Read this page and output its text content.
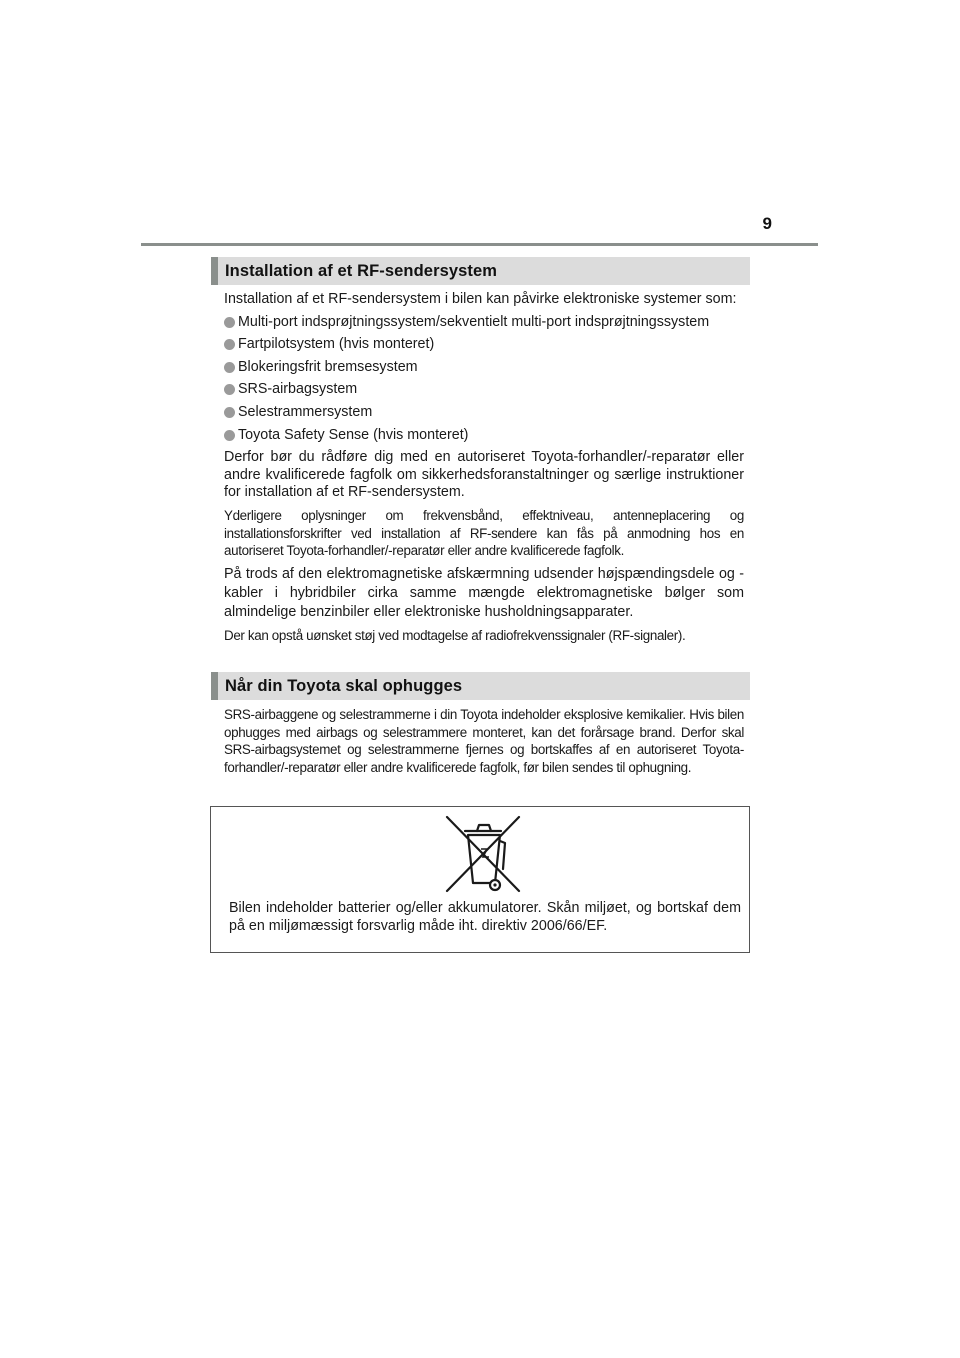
9
Installation af et RF-sendersystem

Installation af et RF-sendersystem i bilen kan påvirke elektroniske systemer som:

Multi-port indsprøjtningssystem/sekventielt multi-port indsprøjtningssystem
Fartpilotsystem (hvis monteret)
Blokeringsfrit bremsesystem
SRS-airbagsystem
Selestrammersystem
Toyota Safety Sense (hvis monteret)

Derfor bør du rådføre dig med en autoriseret Toyota-forhandler/-reparatør eller andre kvalificerede fagfolk om sikkerhedsforanstaltninger og særlige instruktioner for installation af et RF-sendersystem.

Yderligere oplysninger om frekvensbånd, effektniveau, antenneplacering og installationsforskrifter ved installation af RF-sendere kan fås på anmodning hos en autoriseret Toyota-forhandler/-reparatør eller andre kvalificerede fagfolk.

På trods af den elektromagnetiske afskærmning udsender højspændingsdele og -kabler i hybridbiler cirka samme mængde elektromagnetiske bølger som almindelige benzinbiler eller elektroniske husholdningsapparater.

Der kan opstå uønsket støj ved modtagelse af radiofrekvenssignaler (RF-signaler).

Når din Toyota skal ophugges

SRS-airbaggene og selestrammerne i din Toyota indeholder eksplosive kemikalier. Hvis bilen ophugges med airbags og selestrammere monteret, kan det forårsage brand. Derfor skal SRS-airbagsystemet og selestrammerne fjernes og bortskaffes af en autoriseret Toyota-forhandler/-reparatør eller andre kvalificerede fagfolk, før bilen sendes til ophugning.

Bilen indeholder batterier og/eller akkumulatorer. Skån miljøet, og bortskaf dem på en miljømæssigt forsvarlig måde iht. direktiv 2006/66/EF.
